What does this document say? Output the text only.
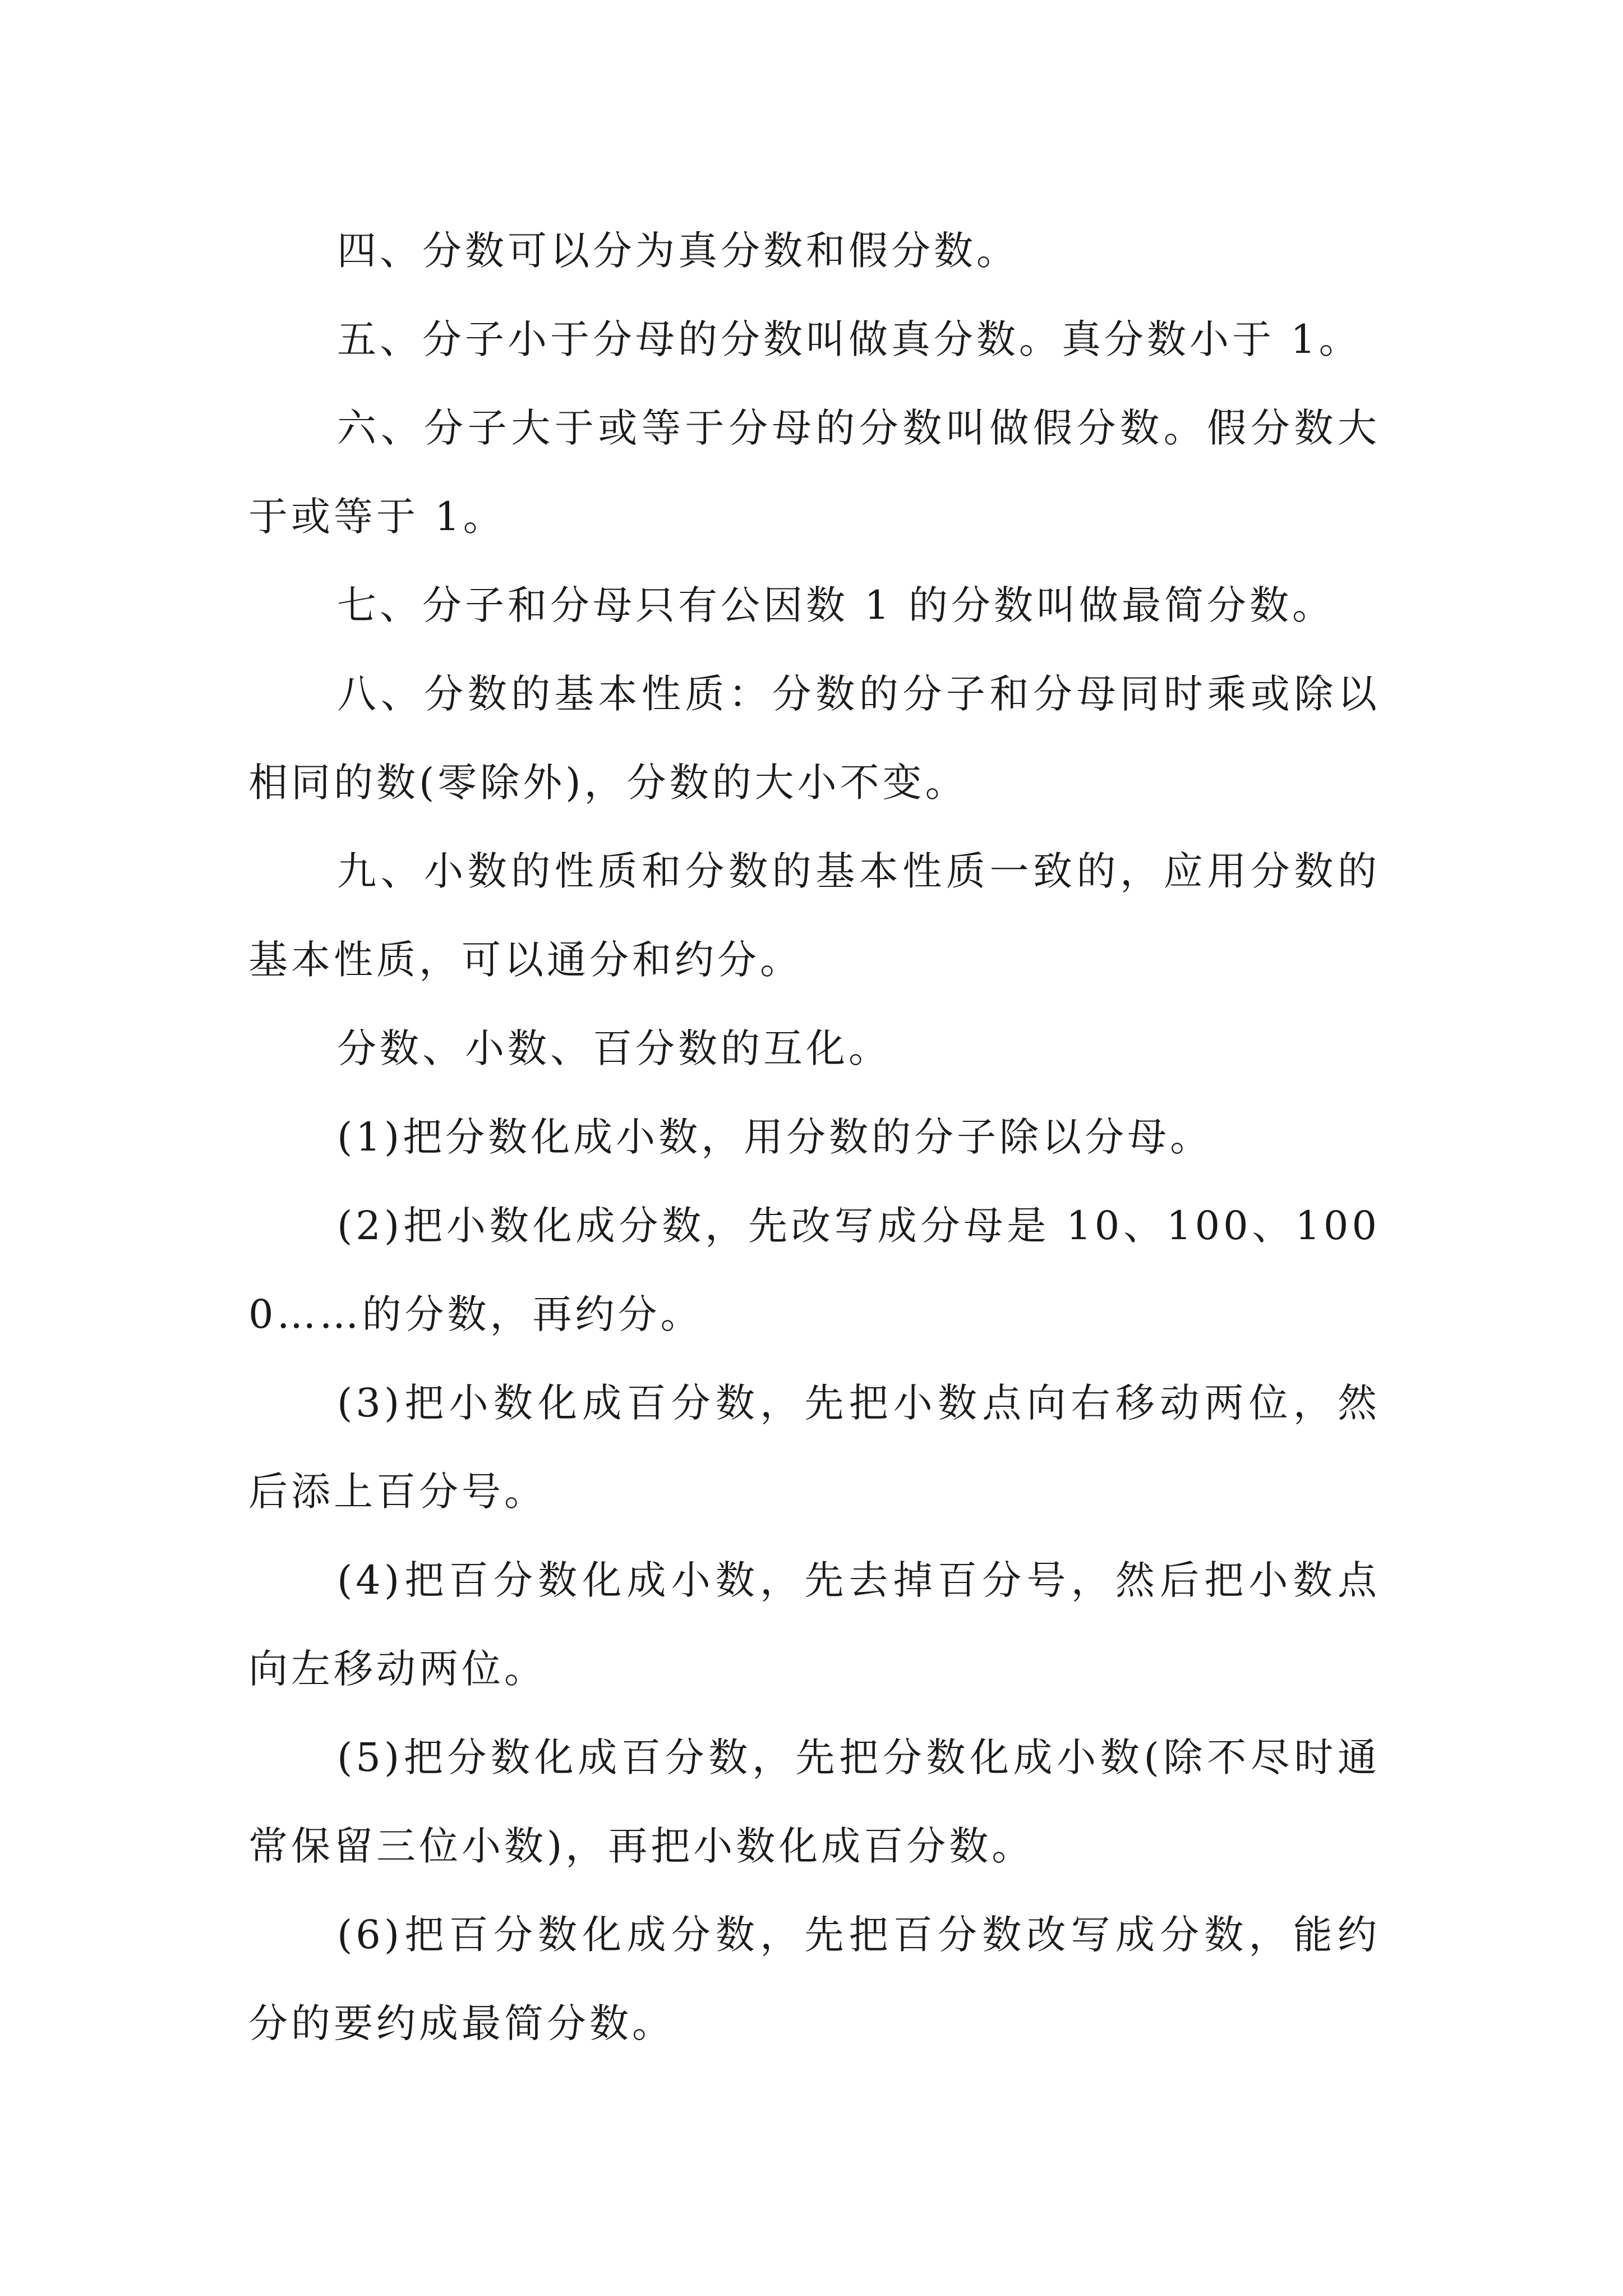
四、分数可以分为真分数和假分数。

五、分子小于分母的分数叫做真分数。真分数小于 1。

六、分子大于或等于分母的分数叫做假分数。假分数大于或等于 1。

七、分子和分母只有公因数 1 的分数叫做最简分数。

八、分数的基本性质：分数的分子和分母同时乘或除以相同的数(零除外)，分数的大小不变。

九、小数的性质和分数的基本性质一致的，应用分数的基本性质，可以通分和约分。

分数、小数、百分数的互化。

(1)把分数化成小数，用分数的分子除以分母。

(2)把小数化成分数，先改写成分母是 10、100、1000……的分数，再约分。

(3)把小数化成百分数，先把小数点向右移动两位，然后添上百分号。

(4)把百分数化成小数，先去掉百分号，然后把小数点向左移动两位。

(5)把分数化成百分数，先把分数化成小数(除不尽时通常保留三位小数)，再把小数化成百分数。

(6)把百分数化成分数，先把百分数改写成分数，能约分的要约成最简分数。
